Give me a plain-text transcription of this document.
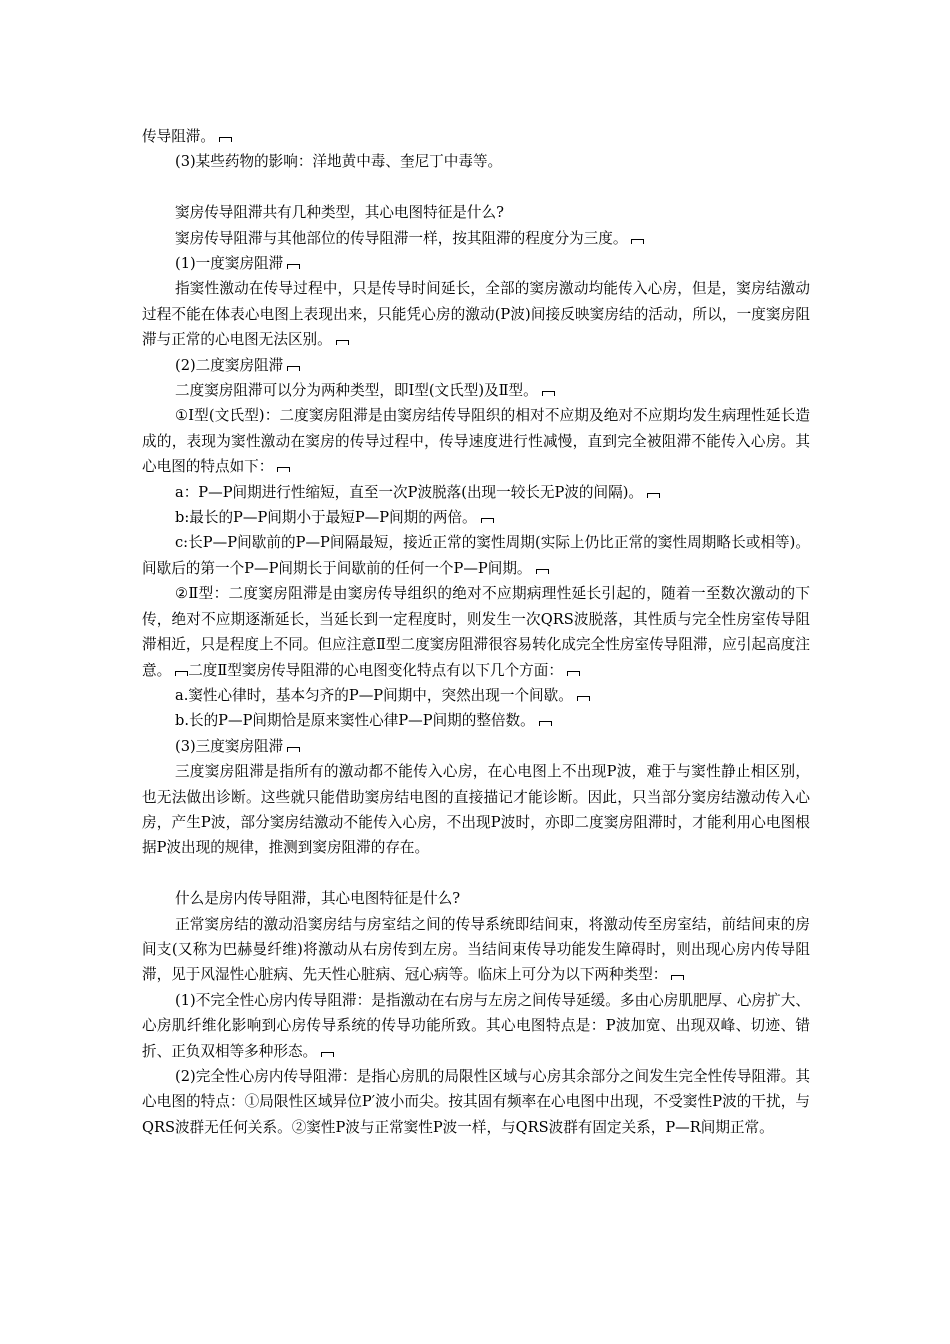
传导阻滞。

(3)某些药物的影响：洋地黄中毒、奎尼丁中毒等。

窦房传导阻滞共有几种类型，其心电图特征是什么?

窦房传导阻滞与其他部位的传导阻滞一样，按其阻滞的程度分为三度。

(1)一度窦房阻滞

指窦性激动在传导过程中，只是传导时间延长，全部的窦房激动均能传入心房，但是，窦房结激动过程不能在体表心电图上表现出来，只能凭心房的激动(P波)间接反映窦房结的活动，所以，一度窦房阻滞与正常的心电图无法区别。

(2)二度窦房阻滞

二度窦房阻滞可以分为两种类型，即Ⅰ型(文氏型)及Ⅱ型。

①Ⅰ型(文氏型)：二度窦房阻滞是由窦房结传导阻织的相对不应期及绝对不应期均发生病理性延长造成的，表现为窦性激动在窦房的传导过程中，传导速度进行性减慢，直到完全被阻滞不能传入心房。其心电图的特点如下：

a：P—P间期进行性缩短，直至一次P波脱落(出现一较长无P波的间隔)。

b:最长的P—P间期小于最短P—P间期的两倍。

c:长P—P间歇前的P—P间隔最短，接近正常的窦性周期(实际上仍比正常的窦性周期略长或相等)。间歇后的第一个P—P间期长于间歇前的任何一个P—P间期。

②Ⅱ型：二度窦房阻滞是由窦房传导组织的绝对不应期病理性延长引起的，随着一至数次激动的下传，绝对不应期逐渐延长，当延长到一定程度时，则发生一次QRS波脱落，其性质与完全性房室传导阻滞相近，只是程度上不同。但应注意Ⅱ型二度窦房阻滞很容易转化成完全性房室传导阻滞，应引起高度注意。 二度Ⅱ型窦房传导阻滞的心电图变化特点有以下几个方面：

a.窦性心律时，基本匀齐的P—P间期中，突然出现一个间歇。

b.长的P—P间期恰是原来窦性心律P—P间期的整倍数。

(3)三度窦房阻滞

三度窦房阻滞是指所有的激动都不能传入心房，在心电图上不出现P波，难于与窦性静止相区别，也无法做出诊断。这些就只能借助窦房结电图的直接描记才能诊断。因此，只当部分窦房结激动传入心房，产生P波，部分窦房结激动不能传入心房，不出现P波时，亦即二度窦房阻滞时，才能利用心电图根据P波出现的规律，推测到窦房阻滞的存在。

什么是房内传导阻滞，其心电图特征是什么?

正常窦房结的激动沿窦房结与房室结之间的传导系统即结间束，将激动传至房室结，前结间束的房间支(又称为巴赫曼纤维)将激动从右房传到左房。当结间束传导功能发生障碍时，则出现心房内传导阻滞，见于风湿性心脏病、先天性心脏病、冠心病等。临床上可分为以下两种类型：

(1)不完全性心房内传导阻滞：是指激动在右房与左房之间传导延缓。多由心房肌肥厚、心房扩大、心房肌纤维化影响到心房传导系统的传导功能所致。其心电图特点是：P波加宽、出现双峰、切迹、错折、正负双相等多种形态。

(2)完全性心房内传导阻滞：是指心房肌的局限性区域与心房其余部分之间发生完全性传导阻滞。其心电图的特点：①局限性区域异位P′波小而尖。按其固有频率在心电图中出现，不受窦性P波的干扰，与QRS波群无任何关系。②窦性P波与正常窦性P波一样，与QRS波群有固定关系，P—R间期正常。
